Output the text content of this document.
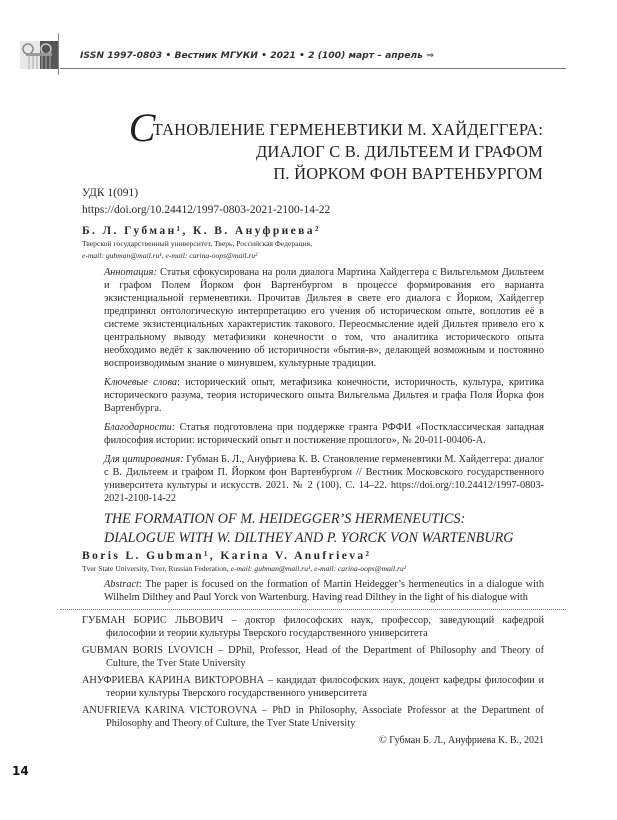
ISSN 1997-0803 • Вестник МГУКИ • 2021 • 2 (100) март – апрель ⇒
СТАНОВЛЕНИЕ ГЕРМЕНЕВТИКИ М. ХАЙДЕГГЕРА:
ДИАЛОГ С В. ДИЛЬТЕЕМ И ГРАФОМ
П. ЙОРКОМ ФОН ВАРТЕНБУРГОМ
УДК 1(091)
https://doi.org/10.24412/1997-0803-2021-2100-14-22
Б. Л. Губман¹, К. В. Ануфриева²
Тверской государственный университет, Тверь, Российская Федерация,
e-mail: gubman@mail.ru¹, e-mail: carina-oops@mail.ru²
Аннотация: Статья сфокусирована на роли диалога Мартина Хайдеггера с Вильгельмом Дильтеем и графом Полем Йорком фон Вартенбургом в процессе формирования его варианта экзистенциальной герменевтики. Прочитав Дильтея в свете его диалога с Йорком, Хайдеггер предпринял онтологическую интерпретацию его учения об историческом опыте, воплотив её в системе экзистенциальных характеристик такового. Переосмысление идей Дильтея привело его к центральному выводу метафизики конечности о том, что аналитика исторического опыта необходимо ведёт к заключению об историчности «бытия-в», делающей возможным и постоянно воспроизводимым знание о минувшем, культурные традиции.
Ключевые слова: исторический опыт, метафизика конечности, историчность, культура, критика исторического разума, теория исторического опыта Вильгельма Дильтея и графа Поля Йорка фон Вартенбурга.
Благодарности: Статья подготовлена при поддержке гранта РФФИ «Постклассическая западная философия истории: исторический опыт и постижение прошлого», № 20-011-00406-А.
Для цитирования: Губман Б. Л., Ануфриева К. В. Становление герменевтики М. Хайдеггера: диалог с В. Дильтеем и графом П. Йорком фон Вартенбургом // Вестник Московского государственного университета культуры и искусств. 2021. № 2 (100). С. 14–22. https://doi.org/:10.24412/1997-0803-2021-2100-14-22
THE FORMATION OF M. HEIDEGGER’S HERMENEUTICS:
DIALOGUE WITH W. DILTHEY AND P. YORCK VON WARTENBURG
Boris L. Gubman¹, Karina V. Anufrieva²
Tver State University, Tver, Russian Federation, e-mail: gubman@mail.ru¹, e-mail: carina-oops@mail.ru²
Abstract: The paper is focused on the formation of Martin Heidegger’s hermeneutics in a dialogue with Wilhelm Dilthey and Paul Yorck von Wartenburg. Having read Dilthey in the light of his dialogue with
ГУБМАН БОРИС ЛЬВОВИЧ – доктор философских наук, профессор, заведующий кафедрой философии и теории культуры Тверского государственного университета
GUBMAN BORIS LVOVICH – DPhil, Professor, Head of the Department of Philosophy and Theory of Culture, the Tver State University
АНУФРИЕВА КАРИНА ВИКТОРОВНА – кандидат философских наук, доцент кафедры философии и теории культуры Тверского государственного университета
ANUFRIEVA KARINA VICTOROVNA – PhD in Philosophy, Associate Professor at the Department of Philosophy and Theory of Culture, the Tver State University
© Губман Б. Л., Ануфриева К. В., 2021
14
